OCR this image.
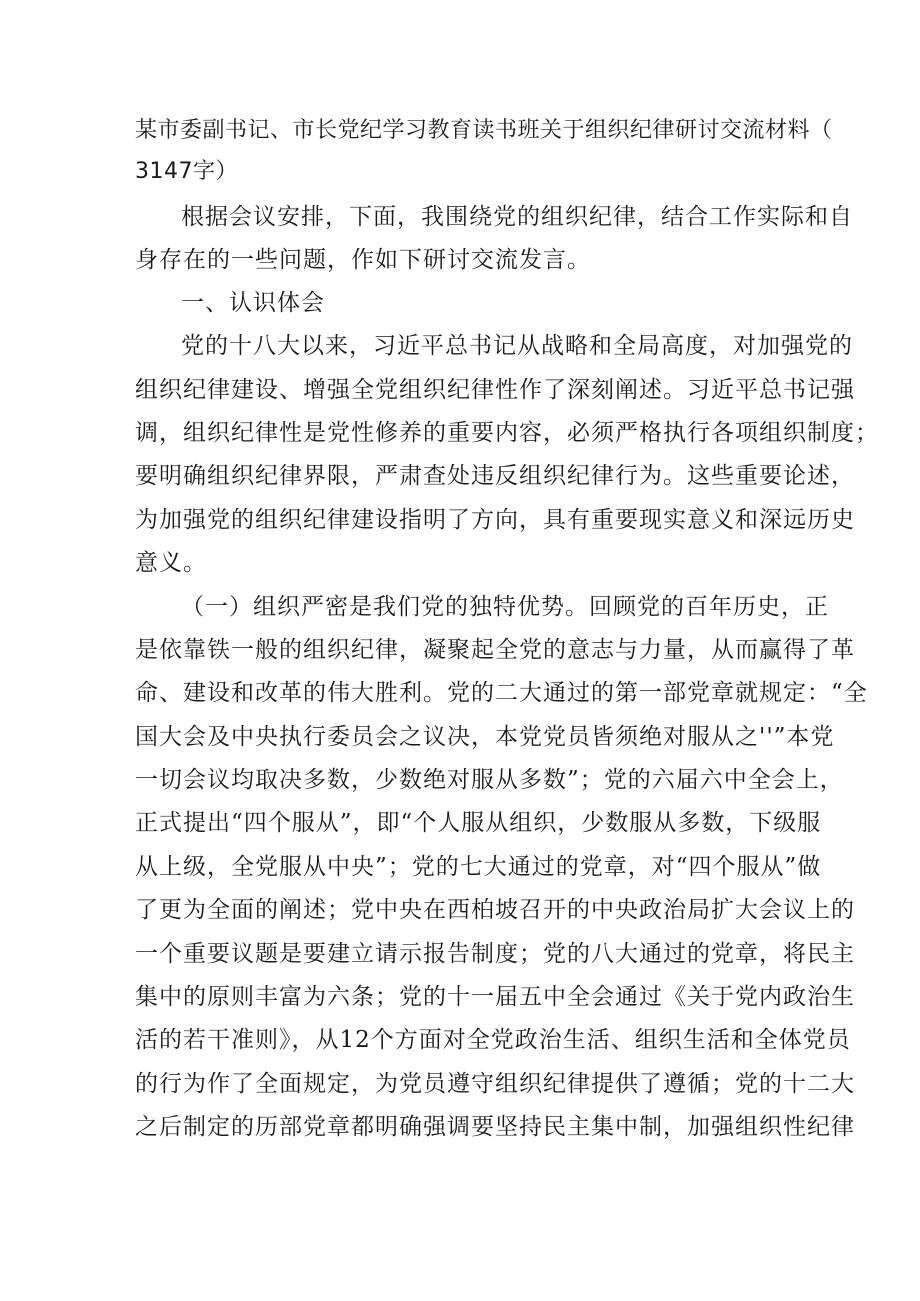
某市委副书记、市长党纪学习教育读书班关于组织纪律研讨交流材料（
3147字）
根据会议安排，下面，我围绕党的组织纪律，结合工作实际和自
身存在的一些问题，作如下研讨交流发言。
一、认识体会
党的十八大以来，习近平总书记从战略和全局高度，对加强党的
组织纪律建设、增强全党组织纪律性作了深刻阐述。习近平总书记强
调，组织纪律性是党性修养的重要内容，必须严格执行各项组织制度；
要明确组织纪律界限，严肃查处违反组织纪律行为。这些重要论述，
为加强党的组织纪律建设指明了方向，具有重要现实意义和深远历史
意义。
（一）组织严密是我们党的独特优势。回顾党的百年历史，正
是依靠铁一般的组织纪律，凝聚起全党的意志与力量，从而赢得了革
命、建设和改革的伟大胜利。党的二大通过的第一部党章就规定：“全
国大会及中央执行委员会之议决，本党党员皆须绝对服从之''”本党
一切会议均取决多数，少数绝对服从多数”；党的六届六中全会上，
正式提出“四个服从”，即“个人服从组织，少数服从多数，下级服
从上级，全党服从中央”；党的七大通过的党章，对“四个服从”做
了更为全面的阐述；党中央在西柏坡召开的中央政治局扩大会议上的
一个重要议题是要建立请示报告制度；党的八大通过的党章，将民主
集中的原则丰富为六条；党的十一届五中全会通过《关于党内政治生
活的若干准则》，从12个方面对全党政治生活、组织生活和全体党员
的行为作了全面规定，为党员遵守组织纪律提供了遵循；党的十二大
之后制定的历部党章都明确强调要坚持民主集中制，加强组织性纪律
